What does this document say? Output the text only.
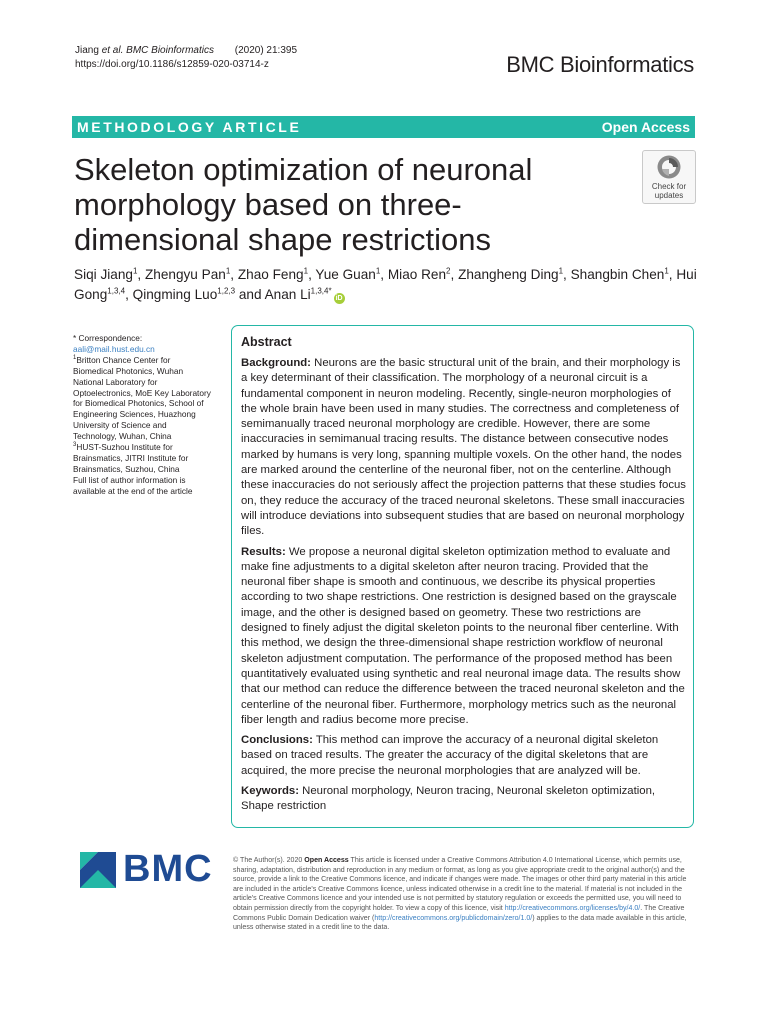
Jiang et al. BMC Bioinformatics (2020) 21:395
https://doi.org/10.1186/s12859-020-03714-z	BMC Bioinformatics
METHODOLOGY ARTICLE	Open Access
Skeleton optimization of neuronal morphology based on three-dimensional shape restrictions
Check for
updates
Siqi Jiang$^1$, Zhengyu Pan$^1$, Zhao Feng$^1$, Yue Guan$^1$, Miao Ren$^2$, Zhangheng Ding$^1$, Shangbin Chen$^1$, Hui Gong$^{1,3,4}$, Qingming Luo$^{1,2,3}$ and Anan $Li^{1,3,4*}iD$
* Correspondence: aali@mail.hust.edu.cn
$^1$Britton Chance Center for Biomedical Photonics, Wuhan National Laboratory for Optoelectronics, MoE Key Laboratory for Biomedical Photonics, School of Engineering Sciences, Huazhong University of Science and Technology, Wuhan, China
$^3$HUST-Suzhou Institute for Brainsmatics, JITRI Institute for Brainsmatics, Suzhou, China
Full list of author information is available at the end of the article
Abstract

Background: Neurons are the basic structural unit of the brain, and their morphology is a key determinant of their classification. The morphology of a neuronal circuit is a fundamental component in neuron modeling. Recently, single-neuron morphologies of the whole brain have been used in many studies. The correctness and completeness of semimanually traced neuronal morphology are credible. However, there are some inaccuracies in semimanual tracing results. The distance between consecutive nodes marked by humans is very long, spanning multiple voxels. On the other hand, the nodes are marked around the centerline of the neuronal fiber, not on the centerline. Although these inaccuracies do not seriously affect the projection patterns that these studies focus on, they reduce the accuracy of the traced neuronal skeletons. These small inaccuracies will introduce deviations into subsequent studies that are based on neuronal morphology files.

Results: We propose a neuronal digital skeleton optimization method to evaluate and make fine adjustments to a digital skeleton after neuron tracing. Provided that the neuronal fiber shape is smooth and continuous, we describe its physical properties according to two shape restrictions. One restriction is designed based on the grayscale image, and the other is designed based on geometry. These two restrictions are designed to finely adjust the digital skeleton points to the neuronal fiber centerline. With this method, we design the three-dimensional shape restriction workflow of neuronal skeleton adjustment computation. The performance of the proposed method has been quantitatively evaluated using synthetic and real neuronal image data. The results show that our method can reduce the difference between the traced neuronal skeleton and the centerline of the neuronal fiber. Furthermore, morphology metrics such as the neuronal fiber length and radius become more precise.

Conclusions: This method can improve the accuracy of a neuronal digital skeleton based on traced results. The greater the accuracy of the digital skeletons that are acquired, the more precise the neuronal morphologies that are analyzed will be.

Keywords: Neuronal morphology, Neuron tracing, Neuronal skeleton optimization, Shape restriction

BMC	© The Author(s). 2020 Open Access This article is licensed under a Creative Commons Attribution 4.0 International License, which permits use, sharing, adaptation, distribution and reproduction in any medium or format, as long as you give appropriate credit to the original author(s) and the source, provide a link to the Creative Commons licence, and indicate if changes were made. The images or other third party material in this article are included in the article's Creative Commons licence, unless indicated otherwise in a credit line to the material. If material is not included in the article's Creative Commons licence and your intended use is not permitted by statutory regulation or exceeds the permitted use, you will need to obtain permission directly from the copyright holder. To view a copy of this licence, visit http://creativecommons.org/licenses/by/4.0/. The Creative Commons Public Domain Dedication waiver (http://creativecommons.org/publicdomain/zero/1.0/) applies to the data made available in this article, unless otherwise stated in a credit line to the data.
